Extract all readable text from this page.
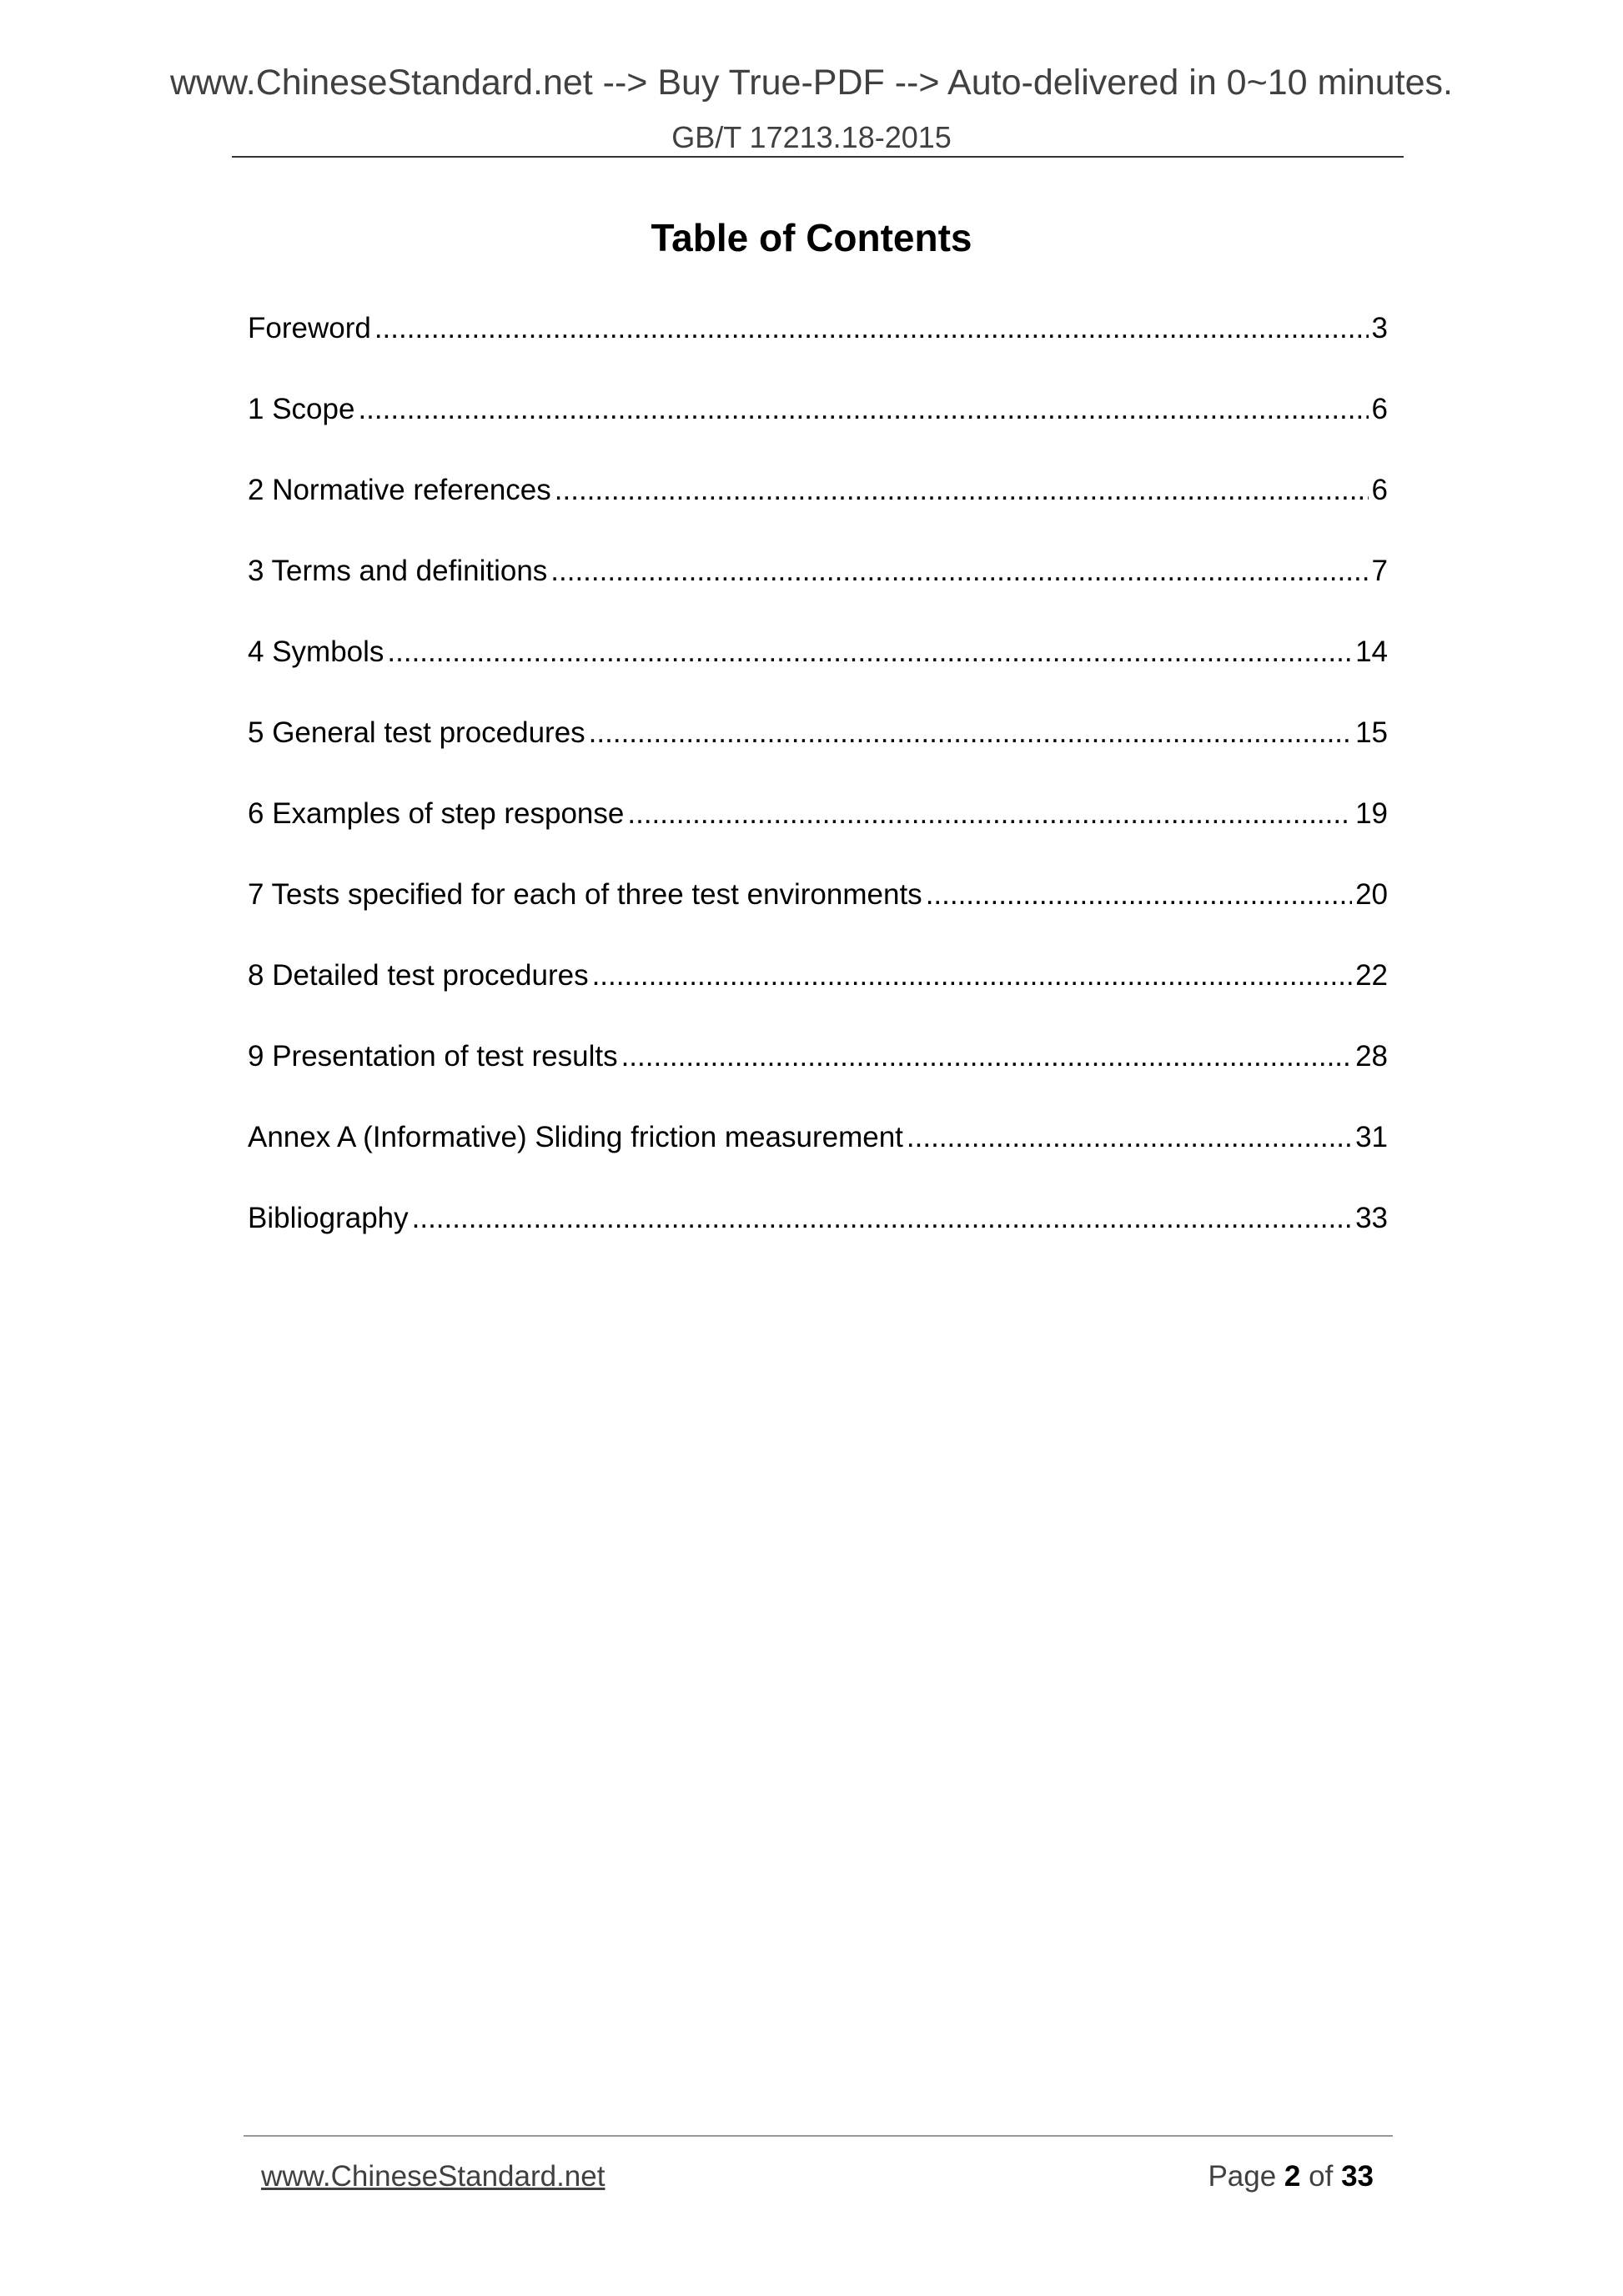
www.ChineseStandard.net --> Buy True-PDF --> Auto-delivered in 0~10 minutes.
GB/T 17213.18-2015
Table of Contents
Foreword .....	3
1 Scope .....	6
2 Normative references .....	6
3 Terms and definitions .....	7
4 Symbols .....	14
5 General test procedures .....	15
6 Examples of step response .....	19
7 Tests specified for each of three test environments .....	20
8 Detailed test procedures .....	22
9 Presentation of test results .....	28
Annex A (Informative) Sliding friction measurement .....	31
Bibliography .....	33
www.ChineseStandard.net	Page 2 of 33
